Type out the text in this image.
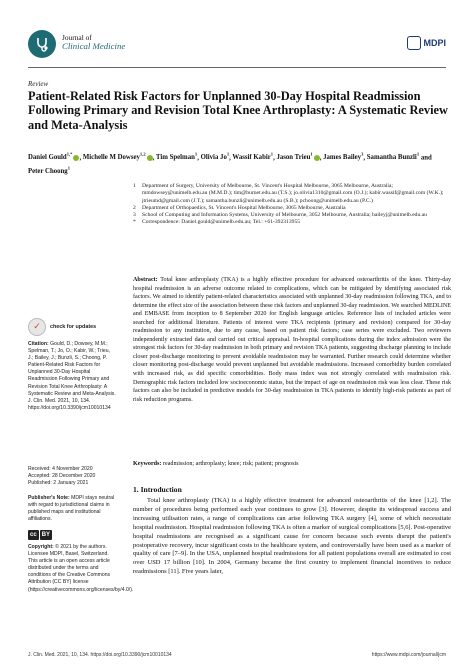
Journal of
Clinical Medicine	MDPI
Review
Patient-Related Risk Factors for Unplanned 30-Day Hospital Readmission Following Primary and Revision Total Knee Arthroplasty: A Systematic Review and Meta-Analysis
Daniel Gould$^{1,*}$ , Michelle M Dowsey$^{1,2}$ , Tim Spelman$^1$, Olivia Jo$^1$, Wassif Kabir$^1$, Jason Trieu$^1$ , James Bailey$^3$, Samantha Bunzli$^1$ and Peter Choong$^1$
1	Department of Surgery, University of Melbourne, St. Vincent's Hospital Melbourne, 3065 Melbourne, Australia; mmdowsey@unimelb.edu.au (M.M.D.); tim@burnet.edu.au (T.S.); jo.olivia1310@gmail.com (O.J.); kabir.wassif@gmail.com (W.K.); jtrieumd@gmail.com (J.T.); samantha.bunzli@unimelb.edu.au (S.B.); pchoong@unimelb.edu.au (P.C.)
2	Department of Orthopaedics, St. Vincent's Hospital Melbourne, 3065 Melbourne, Australia
3	School of Computing and Information Systems, University of Melbourne, 3052 Melbourne, Australia; baileyj@unimelb.edu.au
*	Correspondence: Daniel.gould@unimelb.edu.au; Tel.: +61-392313955
✓	check for updates
Citation: Gould, D.; Dowsey, M.M.; Spelman, T.; Jo, O.; Kabir, W.; Trieu, J.; Bailey, J.; Bunzli, S.; Choong, P. Patient-Related Risk Factors for Unplanned 30-Day Hospital Readmission Following Primary and Revision Total Knee Arthroplasty: A Systematic Review and Meta-Analysis. J. Clin. Med. 2021, 10, 134. https://doi.org/10.3390/jcm10010134
Received: 4 November 2020
Accepted: 28 December 2020
Published: 2 January 2021
Publisher's Note: MDPI stays neutral with regard to jurisdictional claims in published maps and institutional affiliations.
cc BY
Copyright: © 2021 by the authors. Licensee MDPI, Basel, Switzerland. This article is an open access article distributed under the terms and conditions of the Creative Commons Attribution (CC BY) license (https://creativecommons.org/licenses/by/4.0/).
Abstract: Total knee arthroplasty (TKA) is a highly effective procedure for advanced osteoarthritis of the knee. Thirty-day hospital readmission is an adverse outcome related to complications, which can be mitigated by identifying associated risk factors. We aimed to identify patient-related characteristics associated with unplanned 30-day readmission following TKA, and to determine the effect size of the association between these risk factors and unplanned 30-day readmission. We searched MEDLINE and EMBASE from inception to 8 September 2020 for English language articles. Reference lists of included articles were searched for additional literature. Patients of interest were TKA recipients (primary and revision) compared for 30-day readmission to any institution, due to any cause, based on patient risk factors; case series were excluded. Two reviewers independently extracted data and carried out critical appraisal. In-hospital complications during the index admission were the strongest risk factors for 30-day readmission in both primary and revision TKA patients, suggesting discharge planning to include closer post-discharge monitoring to prevent avoidable readmission may be warranted. Further research could determine whether closer monitoring post-discharge would prevent unplanned but avoidable readmissions. Increased comorbidity burden correlated with increased risk, as did specific comorbidities. Body mass index was not strongly correlated with readmission risk. Demographic risk factors included low socioeconomic status, but the impact of age on readmission risk was less clear. These risk factors can also be included in predictive models for 30-day readmission in TKA patients to identify high-risk patients as part of risk reduction programs.
Keywords: readmission; arthroplasty; knee; risk; patient; prognosis
1. Introduction
Total knee arthroplasty (TKA) is a highly effective treatment for advanced osteoarthritis of the knee [1,2]. The number of procedures being performed each year continues to grow [3]. However, despite its widespread success and increasing utilisation rates, a range of complications can arise following TKA surgery [4], some of which necessitate hospital readmission. Hospital readmission following TKA is often a marker of surgical complications [5,6]. Post-operative hospital readmissions are recognised as a significant cause for concern because such events disrupt the patient's postoperative recovery, incur significant costs to the healthcare system, and controversially have been used as a marker of quality of care [7–9]. In the USA, unplanned hospital readmissions for all patient populations overall are estimated to cost over USD 17 billion [10]. In 2004, Germany became the first country to implement financial incentives to reduce readmissions [11]. Five years later,
J. Clin. Med. 2021, 10, 134. https://doi.org/10.3390/jcm10010134	https://www.mdpi.com/journal/jcm
